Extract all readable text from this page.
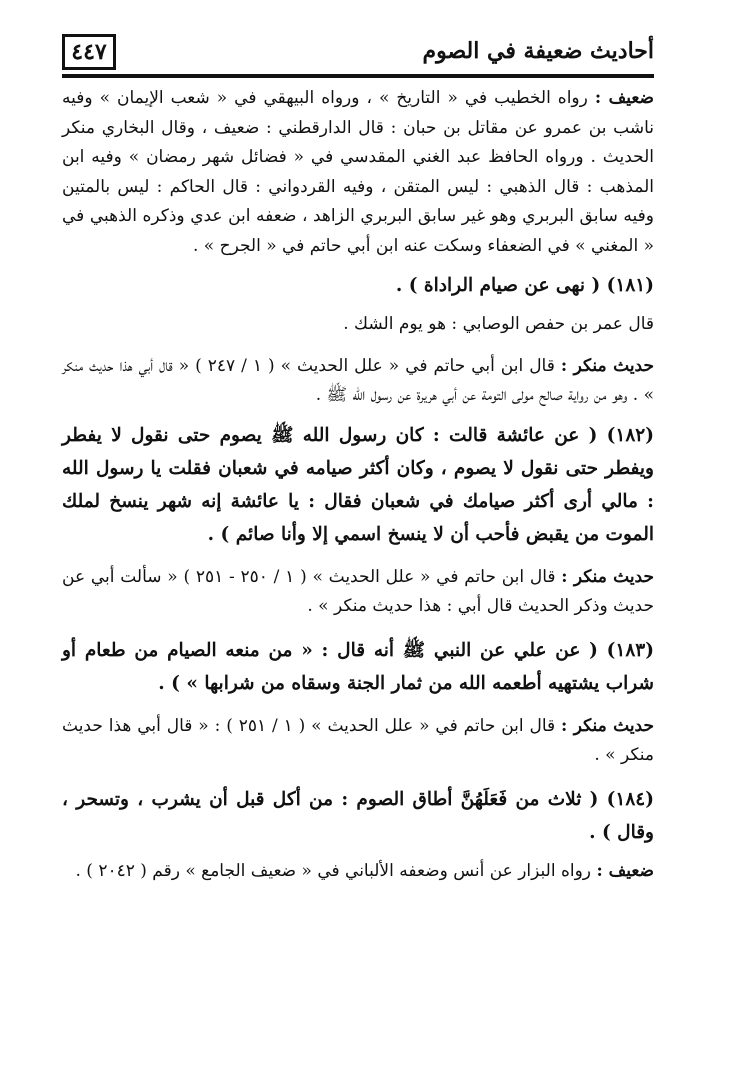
أحاديث ضعيفة في الصوم
٤٤٧

ضعيف : رواه الخطيب في « التاريخ » ، ورواه البيهقي في « شعب الإيمان » وفيه ناشب بن عمرو عن مقاتل بن حبان : قال الدارقطني : ضعيف ، وقال البخاري منكر الحديث . ورواه الحافظ عبد الغني المقدسي في « فضائل شهر رمضان » وفيه ابن المذهب : قال الذهبي : ليس المتقن ، وفيه القردواني : قال الحاكم : ليس بالمتين وفيه سابق البربري وهو غير سابق البربري الزاهد ، ضعفه ابن عدي وذكره الذهبي في « المغني » في الضعفاء وسكت عنه ابن أبي حاتم في « الجرح » .

(١٨١) ( نهى عن صيام الراداة ) .

قال عمر بن حفص الوصابي : هو يوم الشك .

حديث منكر : قال ابن أبي حاتم في « علل الحديث » ( ١ / ٢٤٧ ) « قال أبي هذا حديث منكر » . وهو من رواية صالح مولى التومة عن أبي هريرة عن رسول الله ﷺ .

(١٨٢) ( عن عائشة قالت : كان رسول الله ﷺ يصوم حتى نقول لا يفطر ويفطر حتى نقول لا يصوم ، وكان أكثر صيامه في شعبان فقلت يا رسول الله : مالي أرى أكثر صيامك في شعبان فقال : يا عائشة إنه شهر ينسخ لملك الموت من يقبض فأحب أن لا ينسخ اسمي إلا وأنا صائم ) .

حديث منكر : قال ابن حاتم في « علل الحديث » ( ١ / ٢٥٠ - ٢٥١ ) « سألت أبي عن حديث وذكر الحديث قال أبي : هذا حديث منكر » .

(١٨٣) ( عن علي عن النبي ﷺ أنه قال : « من منعه الصيام من طعام أو شراب يشتهيه أطعمه الله من ثمار الجنة وسقاه من شرابها » ) .

حديث منكر : قال ابن حاتم في « علل الحديث » ( ١ / ٢٥١ ) : « قال أبي هذا حديث منكر » .

(١٨٤) ( ثلاث من فَعَلَهُنَّ أطاق الصوم : من أكل قبل أن يشرب ، وتسحر ، وقال ) .

ضعيف : رواه البزار عن أنس وضعفه الألباني في « ضعيف الجامع » رقم ( ٢٠٤٢ ) .
